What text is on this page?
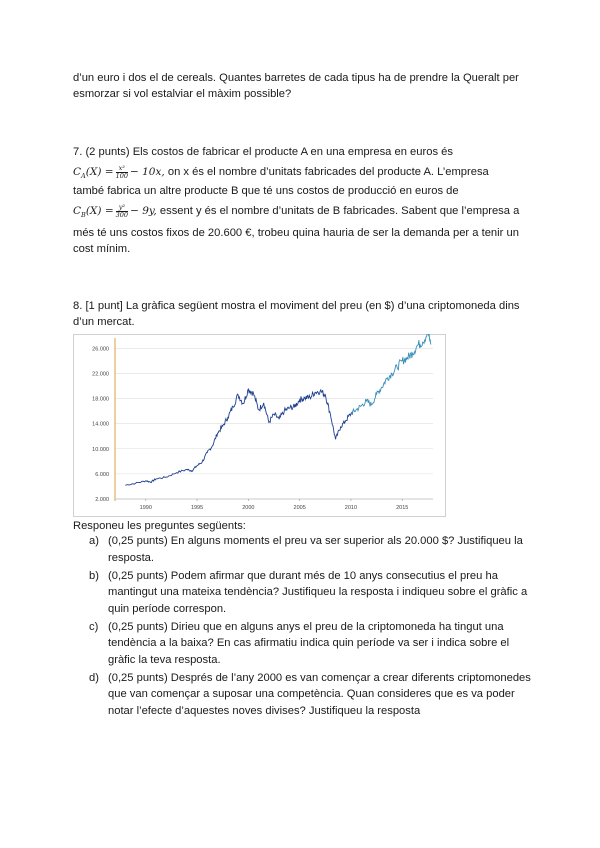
d’un euro i dos el de cereals. Quantes barretes de cada tipus ha de prendre la Queralt per

esmorzar si vol estalviar el màxim possible?

7. (2 punts) Els costos de fabricar el producte A en una empresa en euros és

$C_A(X) = \frac{\text{x²}}{100} - 10x$, on x és el nombre d’unitats fabricades del producte A. L’empresa

també fabrica un altre producte B que té uns costos de producció en euros de

$C_B(X) = \frac{\text{y²}}{300} - 9y$, essent y és el nombre d’unitats de B fabricades. Sabent que l’empresa a

més té uns costos fixos de 20.600 €, trobeu quina hauria de ser la demanda per a tenir un

cost mínim.

8. [1 punt] La gràfica següent mostra el moviment del preu (en $) d’una criptomoneda dins

d’un mercat.

2.000
6.000
10.000
14.000
18.000
22.000
26.000
1990	1995	2000	2005	2010	2015

Responeu les preguntes següents:

a) (0,25 punts) En alguns moments el preu va ser superior als 20.000 $? Justifiqueu la resposta.
b) (0,25 punts) Podem afirmar que durant més de 10 anys consecutius el preu ha mantingut una mateixa tendència? Justifiqueu la resposta i indiqueu sobre el gràfic a quin període correspon.
c) (0,25 punts) Dirieu que en alguns anys el preu de la criptomoneda ha tingut una tendència a la baixa? En cas afirmatiu indica quin període va ser i indica sobre el gràfic la teva resposta.
d) (0,25 punts) Després de l’any 2000 es van començar a crear diferents criptomonedes que van començar a suposar una competència. Quan consideres que es va poder notar l’efecte d’aquestes noves divises? Justifiqueu la resposta
